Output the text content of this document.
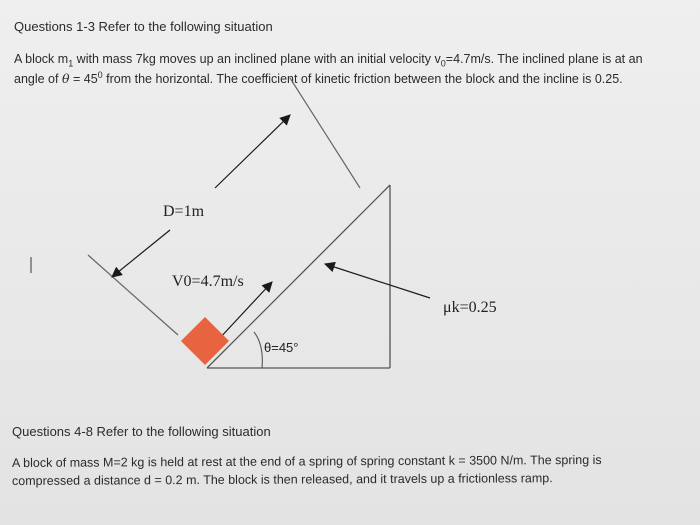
Questions 1-3 Refer to the following situation
A block $m_1$ with mass 7kg moves up an inclined plane with an initial velocity $v_0=4.7m/s$. The inclined plane is at an
angle of $\theta = 45^0$ from the horizontal. The coefficient of kinetic friction between the block and the incline is 0.25.
D=1m
V0=4.7m/s
μk=0.25
θ=45°
Questions 4-8 Refer to the following situation
A block of mass M=2 kg is held at rest at the end of a spring of spring constant k = 3500 N/m. The spring is
compressed a distance d = 0.2 m. The block is then released, and it travels up a frictionless ramp.
